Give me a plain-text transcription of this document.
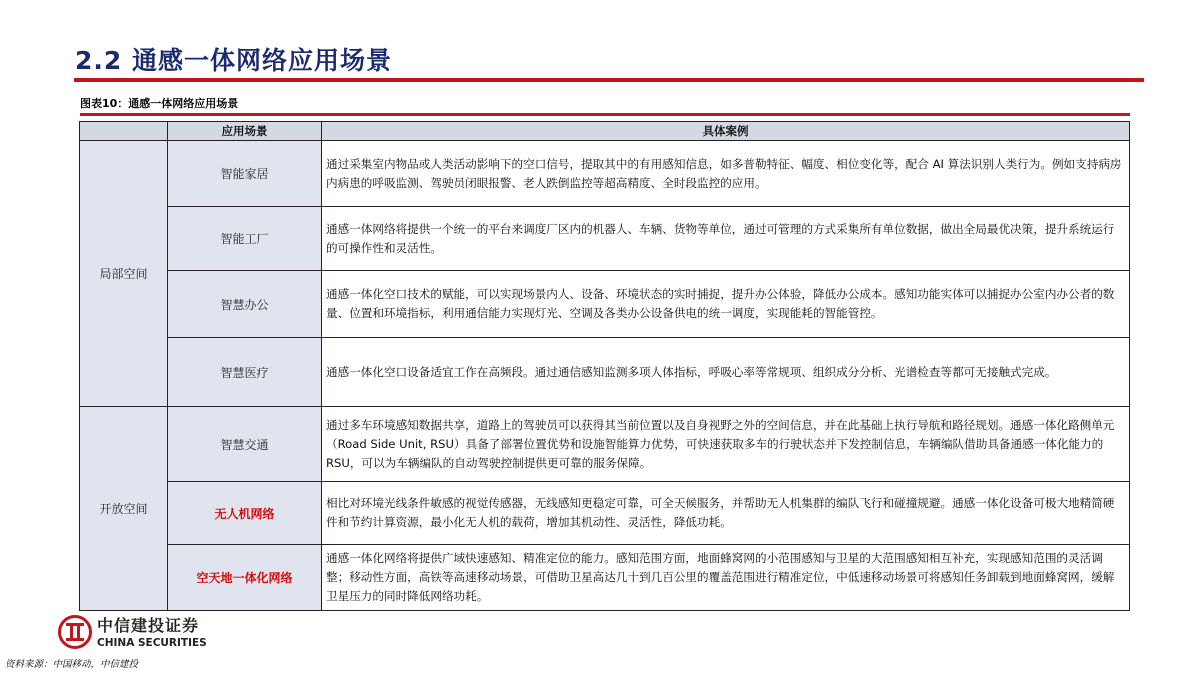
2.2 通感一体网络应用场景
图表10：通感一体网络应用场景
	应用场景	具体案例
局部空间	智能家居	通过采集室内物品或人类活动影响下的空口信号，提取其中的有用感知信息，如多普勒特征、幅度、相位变化等，配合 AI 算法识别人类行为。例如支持病房内病患的呼吸监测、驾驶员闭眼报警、老人跌倒监控等超高精度、全时段监控的应用。
	智能工厂	通感一体网络将提供一个统一的平台来调度厂区内的机器人、车辆、货物等单位，通过可管理的方式采集所有单位数据，做出全局最优决策，提升系统运行的可操作性和灵活性。
	智慧办公	通感一体化空口技术的赋能，可以实现场景内人、设备、环境状态的实时捕捉，提升办公体验，降低办公成本。感知功能实体可以捕捉办公室内办公者的数量、位置和环境指标，利用通信能力实现灯光、空调及各类办公设备供电的统一调度，实现能耗的智能管控。
	智慧医疗	通感一体化空口设备适宜工作在高频段。通过通信感知监测多项人体指标，呼吸心率等常规项、组织成分分析、光谱检查等都可无接触式完成。
开放空间	智慧交通	通过多车环境感知数据共享，道路上的驾驶员可以获得其当前位置以及自身视野之外的空间信息，并在此基础上执行导航和路径规划。通感一体化路侧单元（Road Side Unit, RSU）具备了部署位置优势和设施智能算力优势，可快速获取多车的行驶状态并下发控制信息，车辆编队借助具备通感一体化能力的RSU，可以为车辆编队的自动驾驶控制提供更可靠的服务保障。
	无人机网络	相比对环境光线条件敏感的视觉传感器，无线感知更稳定可靠，可全天候服务，并帮助无人机集群的编队飞行和碰撞规避。通感一体化设备可极大地精简硬件和节约计算资源，最小化无人机的载荷，增加其机动性、灵活性，降低功耗。
	空天地一体化网络	通感一体化网络将提供广域快速感知、精准定位的能力。感知范围方面，地面蜂窝网的小范围感知与卫星的大范围感知相互补充，实现感知范围的灵活调整；移动性方面，高铁等高速移动场景，可借助卫星高达几十到几百公里的覆盖范围进行精准定位，中低速移动场景可将感知任务卸载到地面蜂窝网，缓解卫星压力的同时降低网络功耗。
中信建投证券
CHINA SECURITIES
资料来源：中国移动，中信建投
